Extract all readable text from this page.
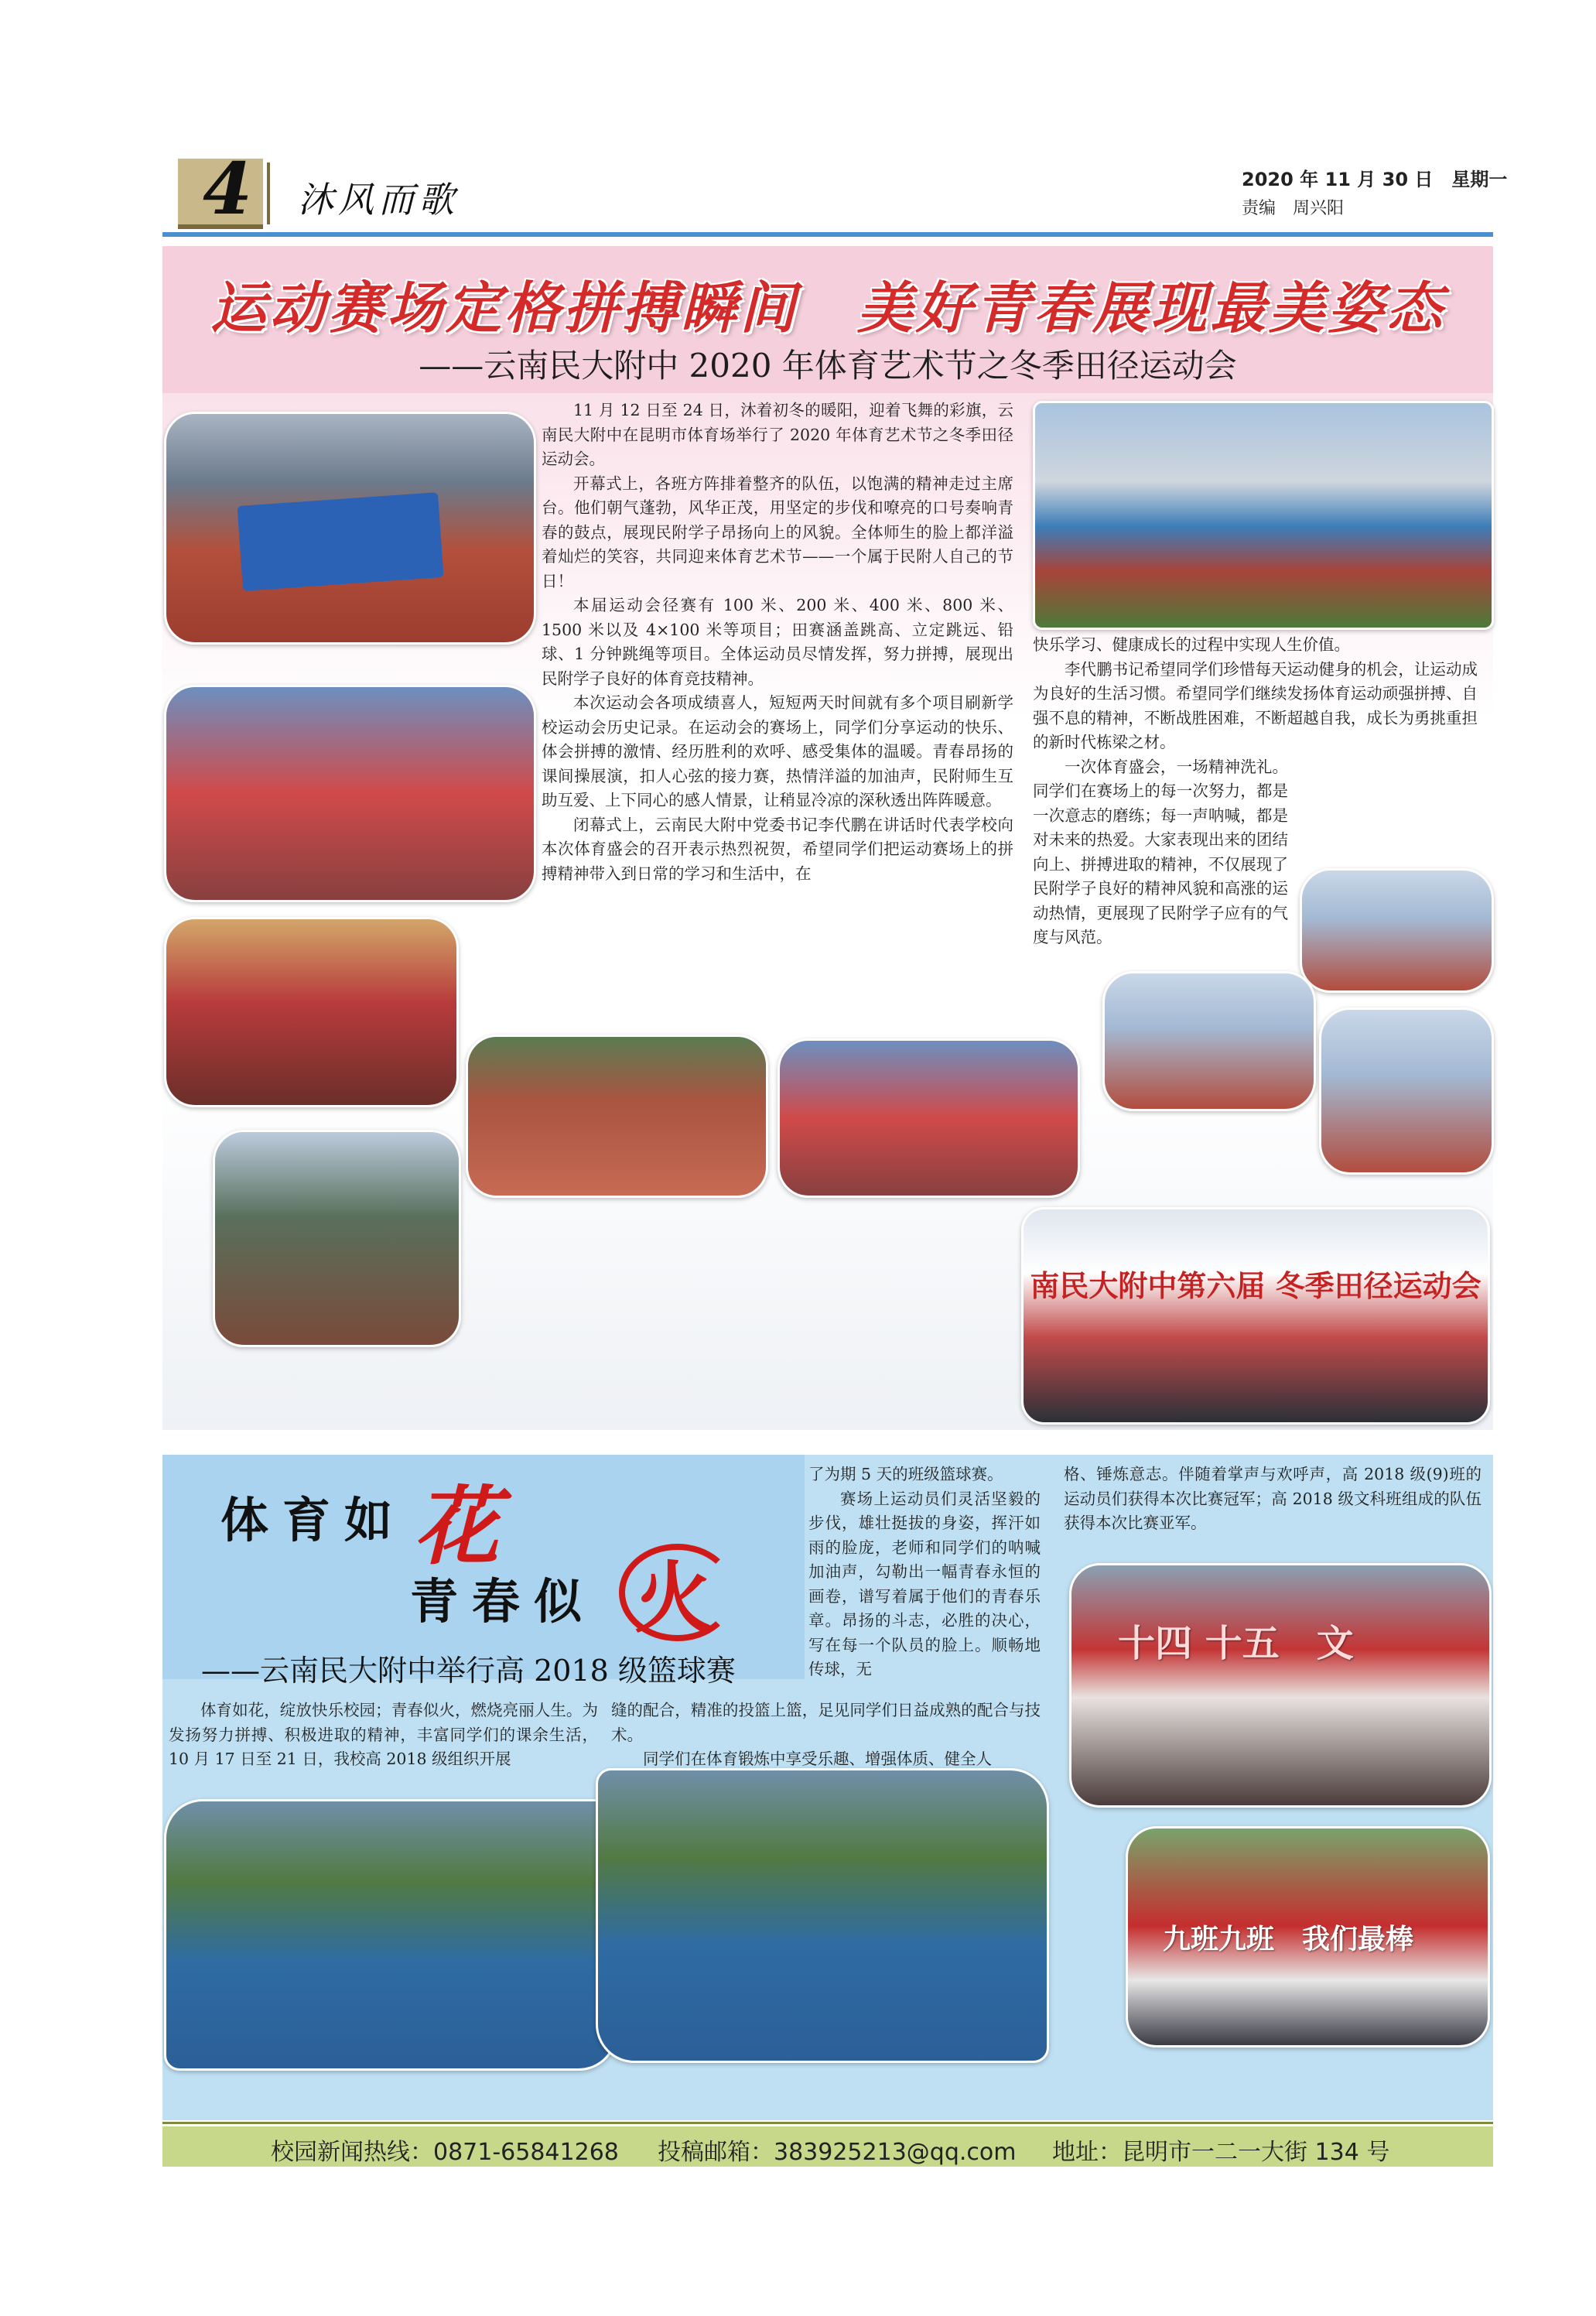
4 沐风而歌	2020 年 11 月 30 日　星期一
责编　周兴阳
运动赛场定格拼搏瞬间　美好青春展现最美姿态
——云南民大附中 2020 年体育艺术节之冬季田径运动会
南民大附中第六届 冬季田径运动会

11 月 12 日至 24 日，沐着初冬的暖阳，迎着飞舞的彩旗，云南民大附中在昆明市体育场举行了 2020 年体育艺术节之冬季田径运动会。

开幕式上，各班方阵排着整齐的队伍，以饱满的精神走过主席台。他们朝气蓬勃，风华正茂，用坚定的步伐和嘹亮的口号奏响青春的鼓点，展现民附学子昂扬向上的风貌。全体师生的脸上都洋溢着灿烂的笑容，共同迎来体育艺术节——一个属于民附人自己的节日！

本届运动会径赛有 100 米、200 米、400 米、800 米、1500 米以及 4×100 米等项目；田赛涵盖跳高、立定跳远、铅球、1 分钟跳绳等项目。全体运动员尽情发挥，努力拼搏，展现出民附学子良好的体育竞技精神。

本次运动会各项成绩喜人，短短两天时间就有多个项目刷新学校运动会历史记录。在运动会的赛场上，同学们分享运动的快乐、体会拼搏的激情、经历胜利的欢呼、感受集体的温暖。青春昂扬的课间操展演，扣人心弦的接力赛，热情洋溢的加油声，民附师生互助互爱、上下同心的感人情景，让稍显冷凉的深秋透出阵阵暖意。

闭幕式上，云南民大附中党委书记李代鹏在讲话时代表学校向本次体育盛会的召开表示热烈祝贺，希望同学们把运动赛场上的拼搏精神带入到日常的学习和生活中，在

快乐学习、健康成长的过程中实现人生价值。

李代鹏书记希望同学们珍惜每天运动健身的机会，让运动成为良好的生活习惯。希望同学们继续发扬体育运动顽强拼搏、自强不息的精神，不断战胜困难，不断超越自我，成长为勇挑重担的新时代栋梁之材。

一次体育盛会，一场精神洗礼。同学们在赛场上的每一次努力，都是一次意志的磨练；每一声呐喊，都是对未来的热爱。大家表现出来的团结向上、拼搏进取的精神，不仅展现了民附学子良好的精神风貌和高涨的运动热情，更展现了民附学子应有的气度与风范。

体育如 花
青春似 火
——云南民大附中举行高 2018 级篮球赛

体育如花，绽放快乐校园；青春似火，燃烧亮丽人生。为发扬努力拼搏、积极进取的精神，丰富同学们的课余生活，10 月 17 日至 21 日，我校高 2018 级组织开展

了为期 5 天的班级篮球赛。

赛场上运动员们灵活坚毅的步伐，雄壮挺拔的身姿，挥汗如雨的脸庞，老师和同学们的呐喊加油声，勾勒出一幅青春永恒的画卷，谱写着属于他们的青春乐章。昂扬的斗志，必胜的决心，写在每一个队员的脸上。顺畅地传球，无

缝的配合，精准的投篮上篮，足见同学们日益成熟的配合与技术。

同学们在体育锻炼中享受乐趣、增强体质、健全人

格、锤炼意志。伴随着掌声与欢呼声，高 2018 级(9)班的运动员们获得本次比赛冠军；高 2018 级文科班组成的队伍获得本次比赛亚军。

十四 十五　文
九班九班　我们最棒
校园新闻热线：0871-65841268 投稿邮箱：383925213@qq.com 地址：昆明市一二一大街 134 号
